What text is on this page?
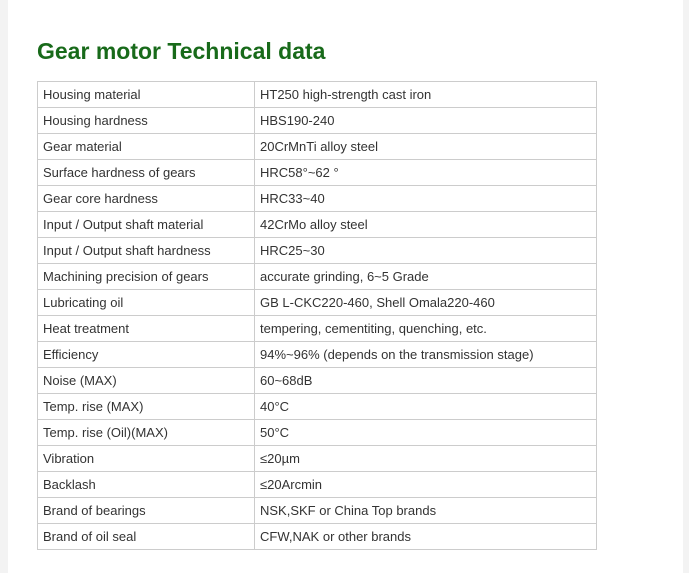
Gear motor Technical data
Housing material	HT250 high-strength cast iron
Housing hardness	HBS190-240
Gear material	20CrMnTi alloy steel
Surface hardness of gears	HRC58°~62 °
Gear core hardness	HRC33~40
Input / Output shaft material	42CrMo alloy steel
Input / Output shaft hardness	HRC25~30
Machining precision of gears	accurate grinding, 6~5 Grade
Lubricating oil	GB L-CKC220-460, Shell Omala220-460
Heat treatment	tempering, cementiting, quenching, etc.
Efficiency	94%~96% (depends on the transmission stage)
Noise (MAX)	60~68dB
Temp. rise (MAX)	40°C
Temp. rise (Oil)(MAX)	50°C
Vibration	≤20µm
Backlash	≤20Arcmin
Brand of bearings	NSK,SKF or China Top brands
Brand of oil seal	CFW,NAK or other brands
